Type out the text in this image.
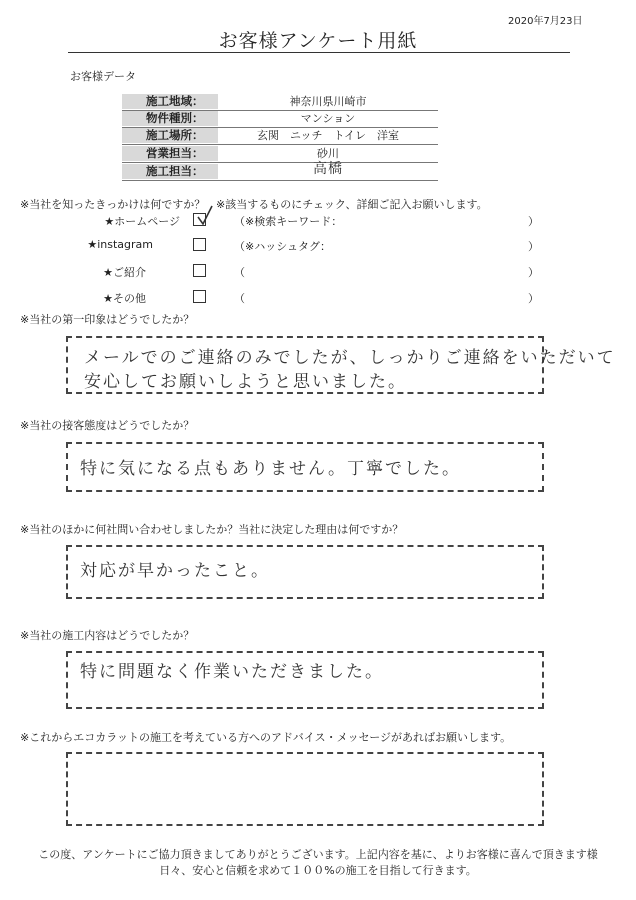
2020年7月23日
お客様アンケート用紙
お客様データ
施工地域：	神奈川県川崎市
物件種別：	マンション
施工場所：	玄関　ニッチ　トイレ　洋室
営業担当：	砂川
施工担当：	高橋
※当社を知ったきっかけは何ですか？ ※該当するものにチェック、詳細ご記入お願いします。
★ホームページ	（※検索キーワード：	）
★instagram	（※ハッシュタグ：	）
★ご紹介	（	）
★その他	（	）
※当社の第一印象はどうでしたか？
メールでのご連絡のみでしたが、しっかりご連絡をいただいて
安心してお願いしようと思いました。
※当社の接客態度はどうでしたか？
特に気になる点もありません。丁寧でした。
※当社のほかに何社問い合わせしましたか？当社に決定した理由は何ですか？
対応が早かったこと。
※当社の施工内容はどうでしたか？
特に問題なく作業いただきました。
※これからエコカラットの施工を考えている方へのアドバイス・メッセージがあればお願いします。
この度、アンケートにご協力頂きましてありがとうございます。上記内容を基に、よりお客様に喜んで頂きます様
日々、安心と信頼を求めて１００%の施工を目指して行きます。
